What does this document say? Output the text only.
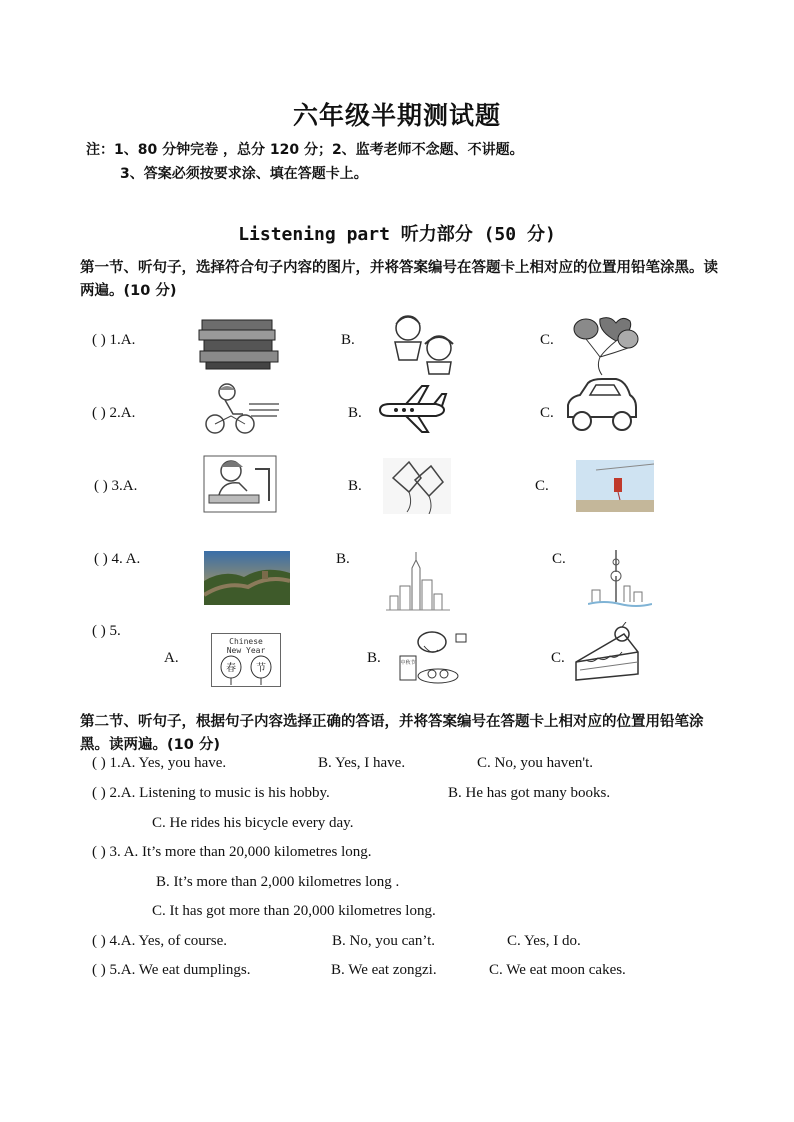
六年级半期测试题
注：1、80 分钟完卷 ，总分 120 分；2、监考老师不念题、不讲题。
3、答案必须按要求涂、填在答题卡上。
Listening part 听力部分 (50 分)
第一节、听句子，选择符合句子内容的图片，并将答案编号在答题卡上相对应的位置用铅笔涂黑。读两遍。(10 分)
( ) 1.A.	B.	C.
( ) 2.A.	B.	C.
( ) 3.A.	B.	C.
( ) 4. A.	B.	C.
( ) 5.
A.	B.	C.
Chinese
New Year
春 节	中秋节
第二节、听句子，根据句子内容选择正确的答语，并将答案编号在答题卡上相对应的位置用铅笔涂黑。读两遍。(10 分)
( ) 1.A. Yes, you have.	B. Yes, I have.	C. No, you haven't.
( ) 2.A. Listening to music is his hobby.	B. He has got many books.
C. He rides his bicycle every day.
( ) 3. A. It’s more than 20,000 kilometres long.
B. It’s more than 2,000 kilometres long .
C. It has got more than 20,000 kilometres long.
( ) 4.A. Yes, of course.	B. No, you can’t.	C. Yes, I do.
( ) 5.A. We eat dumplings.	B. We eat zongzi.	C. We eat moon cakes.
